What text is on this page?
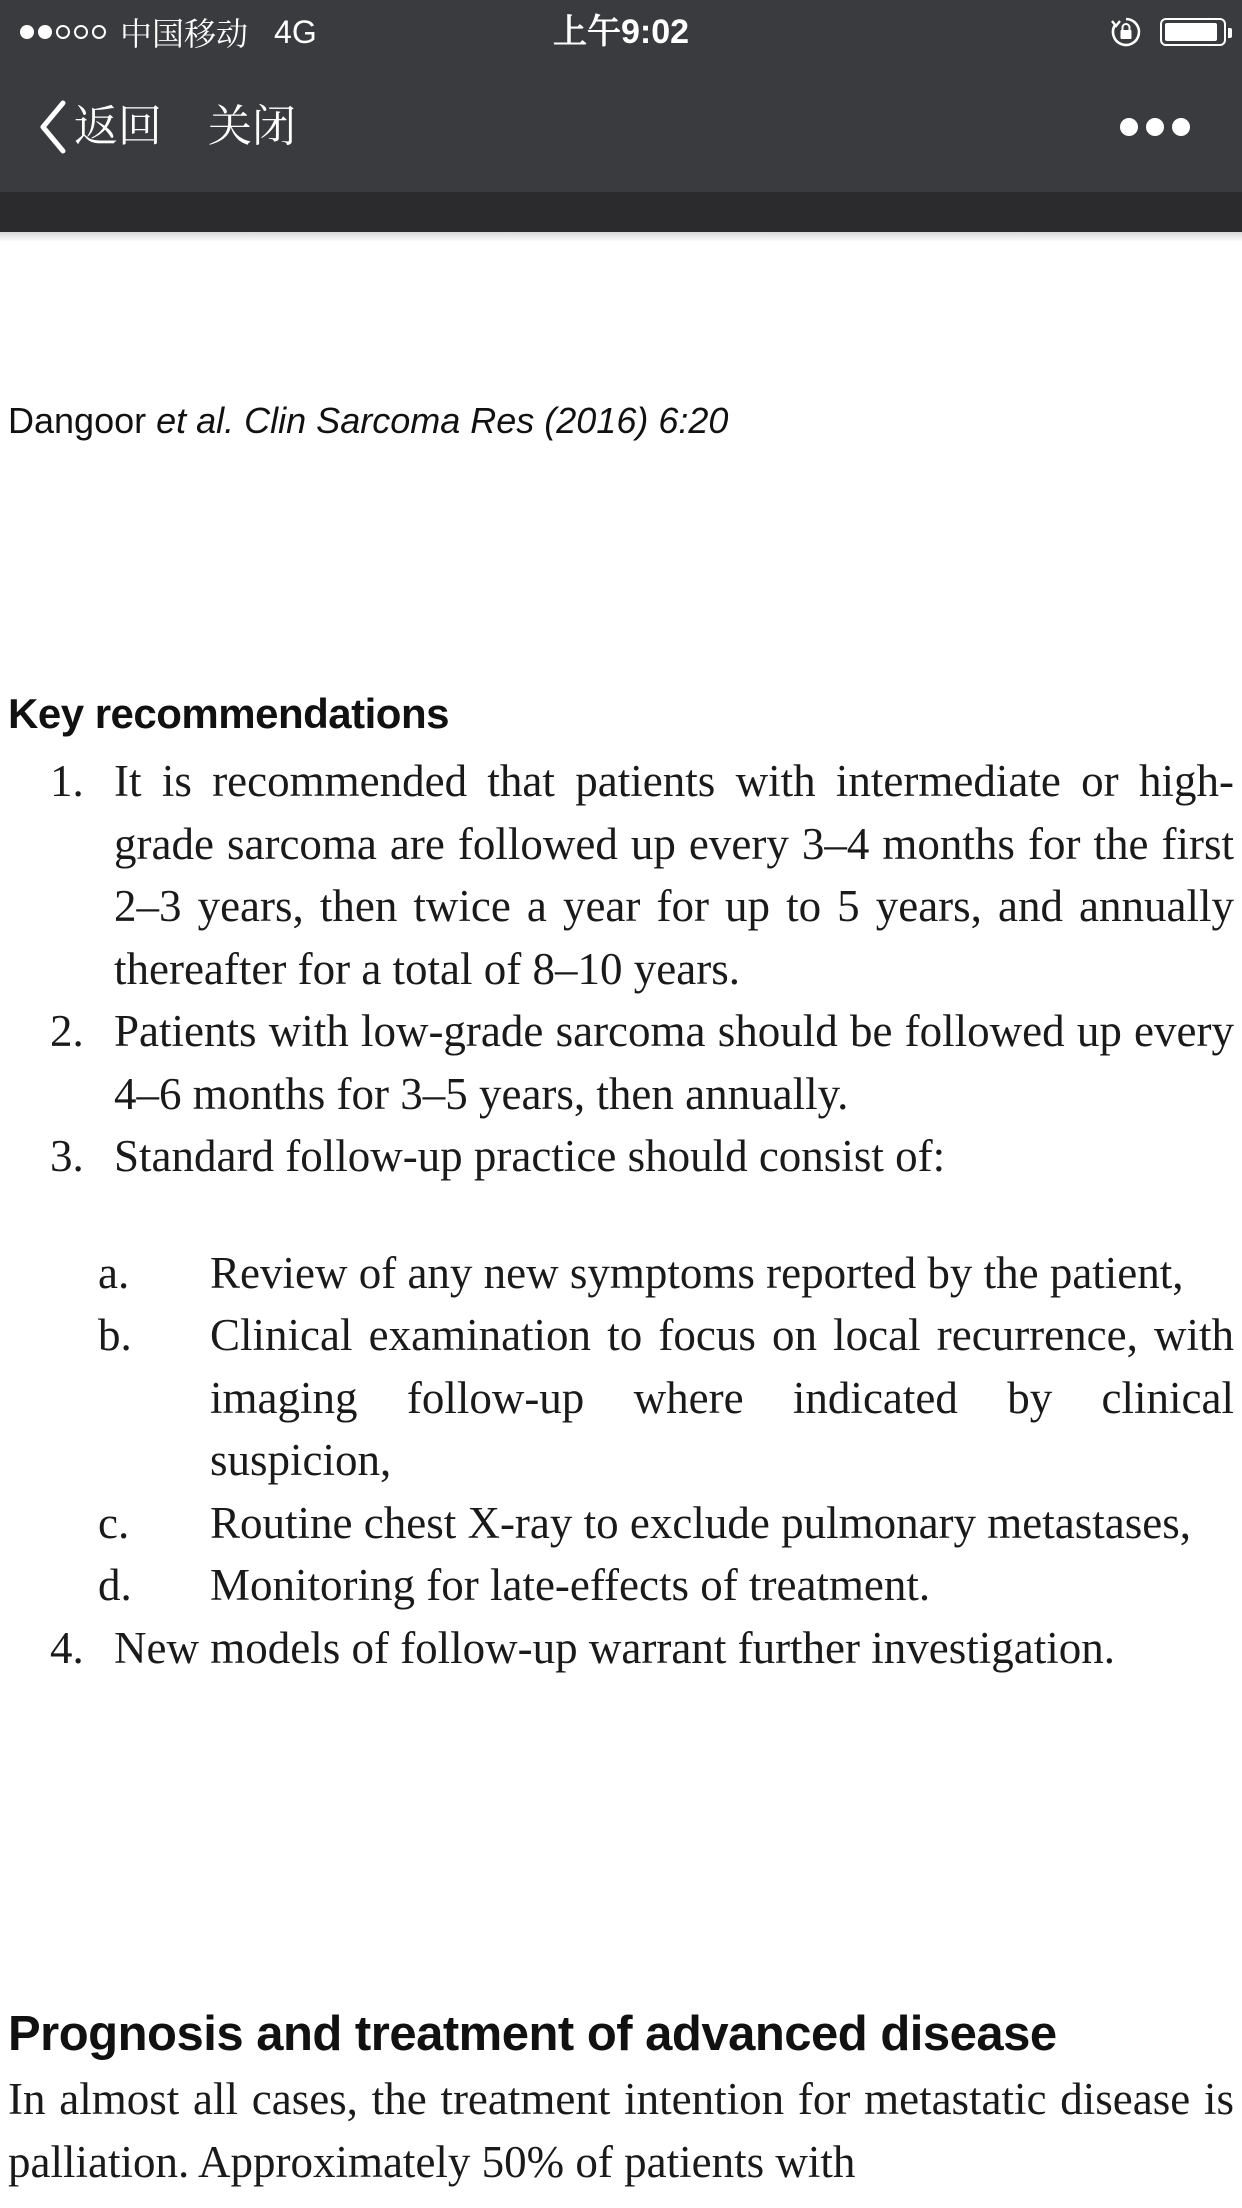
中国移动 4G	上午9:02
返回 关闭
Dangoor et al. Clin Sarcoma Res (2016) 6:20
Key recommendations
1. It is recommended that patients with intermediate or high-grade sarcoma are followed up every 3–4 months for the first 2–3 years, then twice a year for up to 5 years, and annually thereafter for a total of 8–10 years.
2. Patients with low-grade sarcoma should be followed up every 4–6 months for 3–5 years, then annually.
3. Standard follow-up practice should consist of:
a. Review of any new symptoms reported by the patient,
b. Clinical examination to focus on local recurrence, with imaging follow-up where indicated by clinical suspicion,
c. Routine chest X-ray to exclude pulmonary metastases,
d. Monitoring for late-effects of treatment.
4. New models of follow-up warrant further investigation.
Prognosis and treatment of advanced disease
In almost all cases, the treatment intention for metastatic disease is palliation. Approximately 50% of patients with
